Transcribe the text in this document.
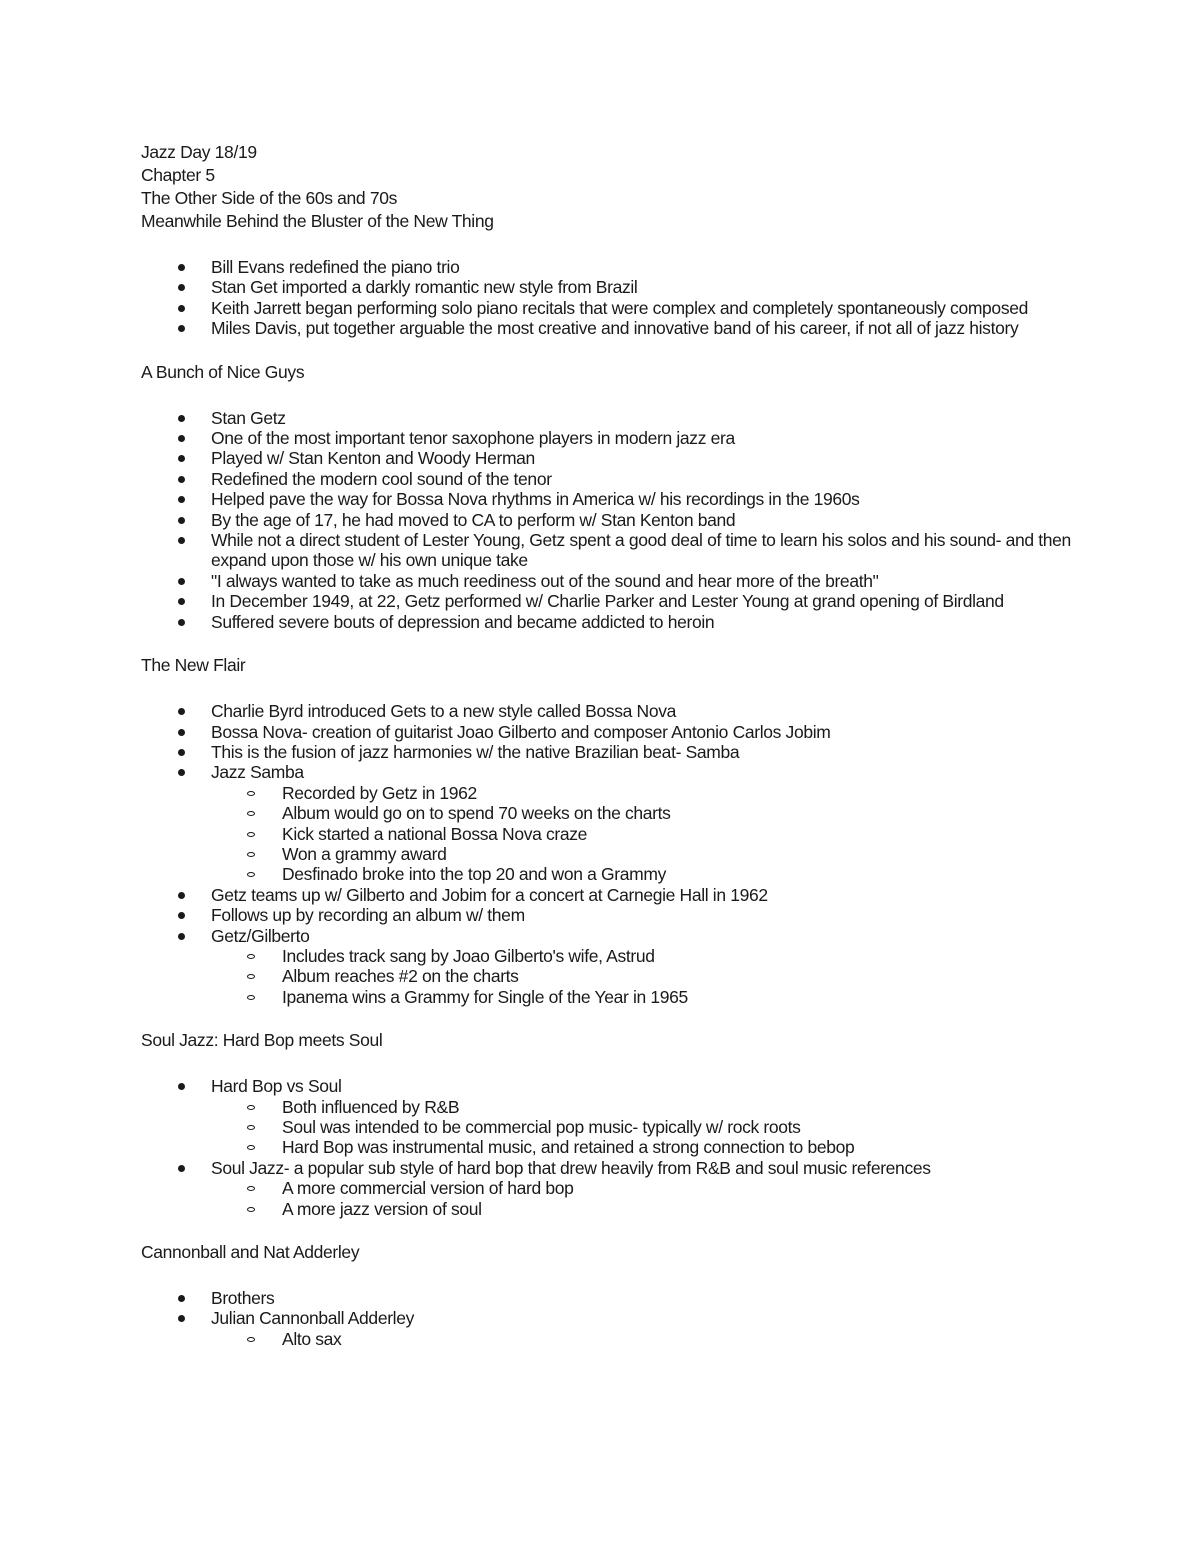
Jazz Day 18/19

Chapter 5

The Other Side of the 60s and 70s

Meanwhile Behind the Bluster of the New Thing

Bill Evans redefined the piano trio
Stan Get imported a darkly romantic new style from Brazil
Keith Jarrett began performing solo piano recitals that were complex and completely spontaneously composed
Miles Davis, put together arguable the most creative and innovative band of his career, if not all of jazz history

A Bunch of Nice Guys

Stan Getz
One of the most important tenor saxophone players in modern jazz era
Played w/ Stan Kenton and Woody Herman
Redefined the modern cool sound of the tenor
Helped pave the way for Bossa Nova rhythms in America w/ his recordings in the 1960s
By the age of 17, he had moved to CA to perform w/ Stan Kenton band
While not a direct student of Lester Young, Getz spent a good deal of time to learn his solos and his sound- and then expand upon those w/ his own unique take
"I always wanted to take as much reediness out of the sound and hear more of the breath"
In December 1949, at 22, Getz performed w/ Charlie Parker and Lester Young at grand opening of Birdland
Suffered severe bouts of depression and became addicted to heroin

The New Flair

Charlie Byrd introduced Gets to a new style called Bossa Nova
Bossa Nova- creation of guitarist Joao Gilberto and composer Antonio Carlos Jobim
This is the fusion of jazz harmonies w/ the native Brazilian beat- Samba
Jazz Samba
Recorded by Getz in 1962
Album would go on to spend 70 weeks on the charts
Kick started a national Bossa Nova craze
Won a grammy award
Desfinado broke into the top 20 and won a Grammy
Getz teams up w/ Gilberto and Jobim for a concert at Carnegie Hall in 1962
Follows up by recording an album w/ them
Getz/Gilberto
Includes track sang by Joao Gilberto's wife, Astrud
Album reaches #2 on the charts
Ipanema wins a Grammy for Single of the Year in 1965

Soul Jazz: Hard Bop meets Soul

Hard Bop vs Soul
Both influenced by R&B
Soul was intended to be commercial pop music- typically w/ rock roots
Hard Bop was instrumental music, and retained a strong connection to bebop
Soul Jazz- a popular sub style of hard bop that drew heavily from R&B and soul music references
A more commercial version of hard bop
A more jazz version of soul

Cannonball and Nat Adderley

Brothers
Julian Cannonball Adderley
Alto sax
